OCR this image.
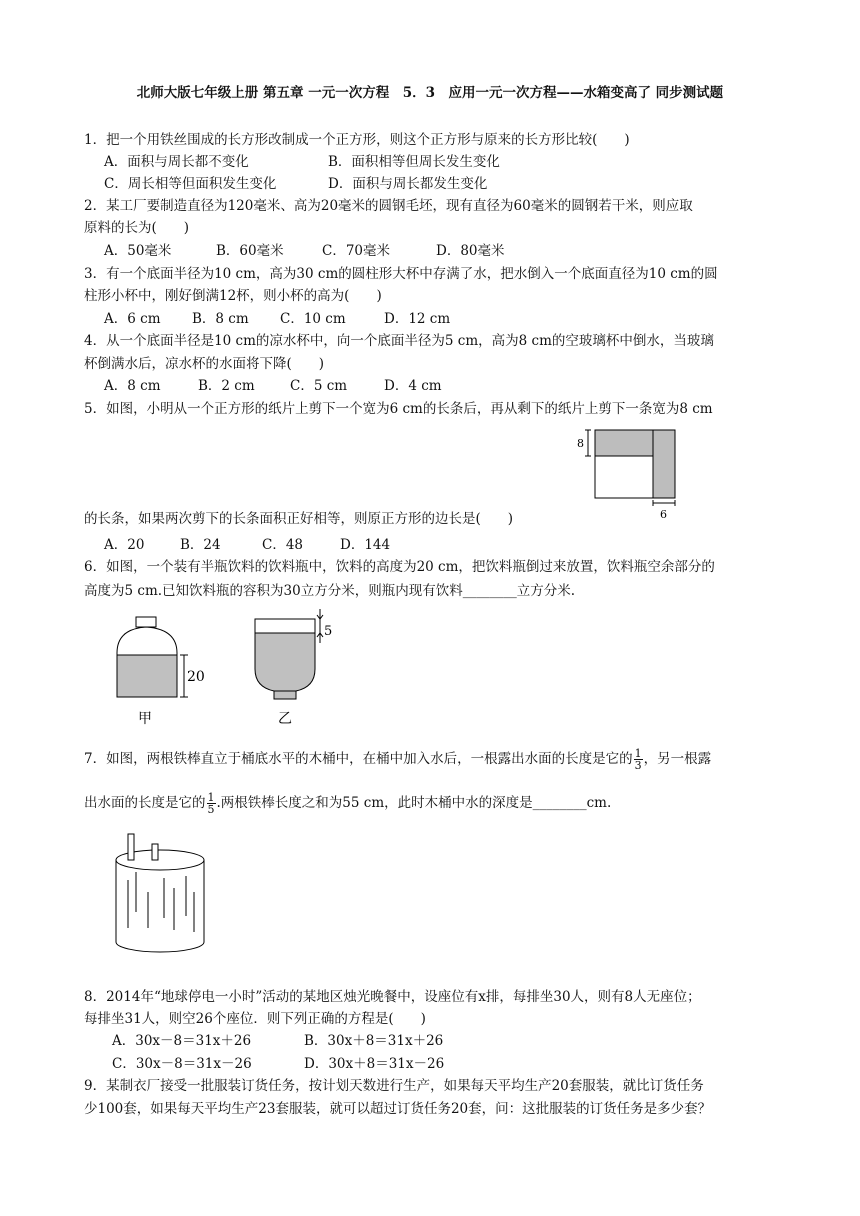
北师大版七年级上册 第五章 一元一次方程　5．3　应用一元一次方程——水箱变高了 同步测试题
1．把一个用铁丝围成的长方形改制成一个正方形，则这个正方形与原来的长方形比较(　　)
A．面积与周长都不变化	B．面积相等但周长发生变化
C．周长相等但面积发生变化	D．面积与周长都发生变化
2．某工厂要制造直径为120毫米、高为20毫米的圆钢毛坯，现有直径为60毫米的圆钢若干米，则应取
原料的长为(　　)
A．50毫米	B．60毫米	C．70毫米	D．80毫米
3．有一个底面半径为10 cm，高为30 cm的圆柱形大杯中存满了水，把水倒入一个底面直径为10 cm的圆
柱形小杯中，刚好倒满12杯，则小杯的高为(　　)
A．6 cm B．8 cm C．10 cm	D．12 cm
4．从一个底面半径是10 cm的凉水杯中，向一个底面半径为5 cm，高为8 cm的空玻璃杯中倒水，当玻璃
杯倒满水后，凉水杯的水面将下降(　　)
A．8 cm	B．2 cm	C．5 cm	D．4 cm
5．如图，小明从一个正方形的纸片上剪下一个宽为6 cm的长条后，再从剩下的纸片上剪下一条宽为8 cm
8
6
的长条，如果两次剪下的长条面积正好相等，则原正方形的边长是(　　)
A．20	B．24	C．48	D．144
6．如图，一个装有半瓶饮料的饮料瓶中，饮料的高度为20 cm，把饮料瓶倒过来放置，饮料瓶空余部分的
高度为5 cm.已知饮料瓶的容积为30立方分米，则瓶内现有饮料________立方分米.
20
甲
5
乙
7．如图，两根铁棒直立于桶底水平的木桶中，在桶中加入水后，一根露出水面的长度是它的 $\frac{1}{3}$ ，另一根露
出水面的长度是它的 $\frac{1}{5}$ .两根铁棒长度之和为55 cm，此时木桶中水的深度是________cm.
8．2014年“地球停电一小时”活动的某地区烛光晚餐中，设座位有x排，每排坐30人，则有8人无座位；
每排坐31人，则空26个座位．则下列正确的方程是(　　)
A．30x－8＝31x＋26	B．30x＋8＝31x＋26
C．30x－8＝31x－26	D．30x＋8＝31x－26
9．某制衣厂接受一批服装订货任务，按计划天数进行生产，如果每天平均生产20套服装，就比订货任务
少100套，如果每天平均生产23套服装，就可以超过订货任务20套，问：这批服装的订货任务是多少套？
